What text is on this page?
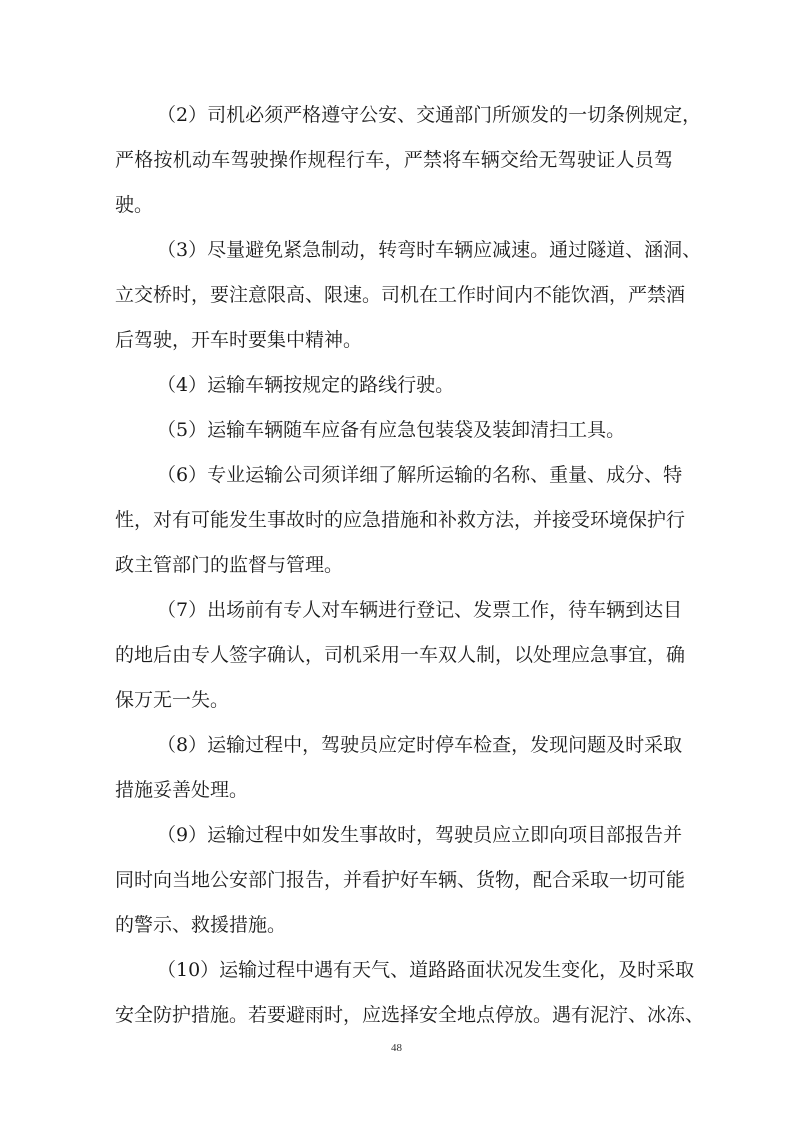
（2）司机必须严格遵守公安、交通部门所颁发的一切条例规定，
严格按机动车驾驶操作规程行车，严禁将车辆交给无驾驶证人员驾
驶。
（3）尽量避免紧急制动，转弯时车辆应减速。通过隧道、涵洞、
立交桥时，要注意限高、限速。司机在工作时间内不能饮酒，严禁酒
后驾驶，开车时要集中精神。
（4）运输车辆按规定的路线行驶。
（5）运输车辆随车应备有应急包装袋及装卸清扫工具。
（6）专业运输公司须详细了解所运输的名称、重量、成分、特
性，对有可能发生事故时的应急措施和补救方法，并接受环境保护行
政主管部门的监督与管理。
（7）出场前有专人对车辆进行登记、发票工作，待车辆到达目
的地后由专人签字确认，司机采用一车双人制，以处理应急事宜，确
保万无一失。
（8）运输过程中，驾驶员应定时停车检查，发现问题及时采取
措施妥善处理。
（9）运输过程中如发生事故时，驾驶员应立即向项目部报告并
同时向当地公安部门报告，并看护好车辆、货物，配合采取一切可能
的警示、救援措施。
（10）运输过程中遇有天气、道路路面状况发生变化，及时采取
安全防护措施。若要避雨时，应选择安全地点停放。遇有泥泞、冰冻、
48
